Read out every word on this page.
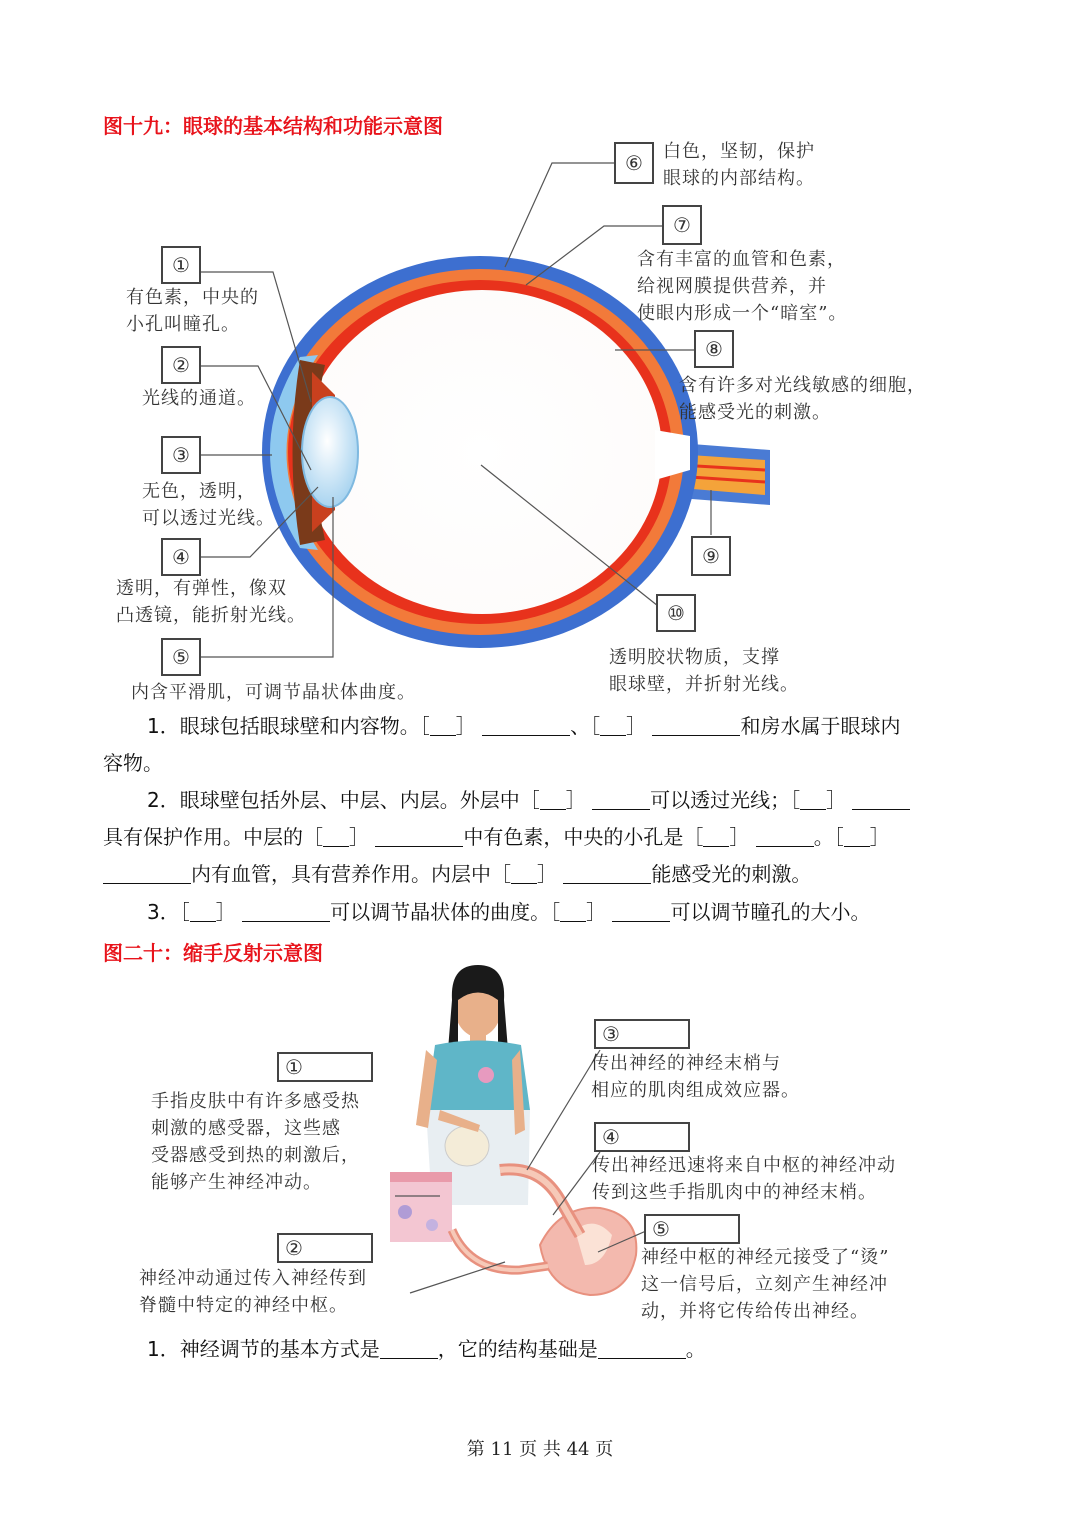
图十九：眼球的基本结构和功能示意图
①
②
③
④
⑤
⑥
⑦
⑧
⑨
⑩
有色素，中央的
小孔叫瞳孔。
光线的通道。
无色，透明，
可以透过光线。
透明，有弹性，像双
凸透镜，能折射光线。
内含平滑肌，可调节晶状体曲度。
白色，坚韧，保护
眼球的内部结构。
含有丰富的血管和色素，
给视网膜提供营养，并
使眼内形成一个“暗室”。
含有许多对光线敏感的细胞，
能感受光的刺激。
透明胶状物质，支撑
眼球壁，并折射光线。
1．眼球包括眼球壁和内容物。［ ］	、［ ］	和房水属于眼球内
容物。
2．眼球壁包括外层、中层、内层。外层中［ ］	可以透过光线；［ ］
具有保护作用。中层的［ ］	中有色素，中央的小孔是［ ］	。［ ］
内有血管，具有营养作用。内层中［ ］	能感受光的刺激。
3．［ ］	可以调节晶状体的曲度。［ ］	可以调节瞳孔的大小。
图二十：缩手反射示意图
①
②
③
④
⑤
手指皮肤中有许多感受热
刺激的感受器，这些感
受器感受到热的刺激后，
能够产生神经冲动。
神经冲动通过传入神经传到
脊髓中特定的神经中枢。
传出神经的神经末梢与
相应的肌肉组成效应器。
传出神经迅速将来自中枢的神经冲动
传到这些手指肌肉中的神经末梢。
神经中枢的神经元接受了“烫”
这一信号后，立刻产生神经冲
动，并将它传给传出神经。
1．神经调节的基本方式是	，它的结构基础是	。
第 11 页 共 44 页
